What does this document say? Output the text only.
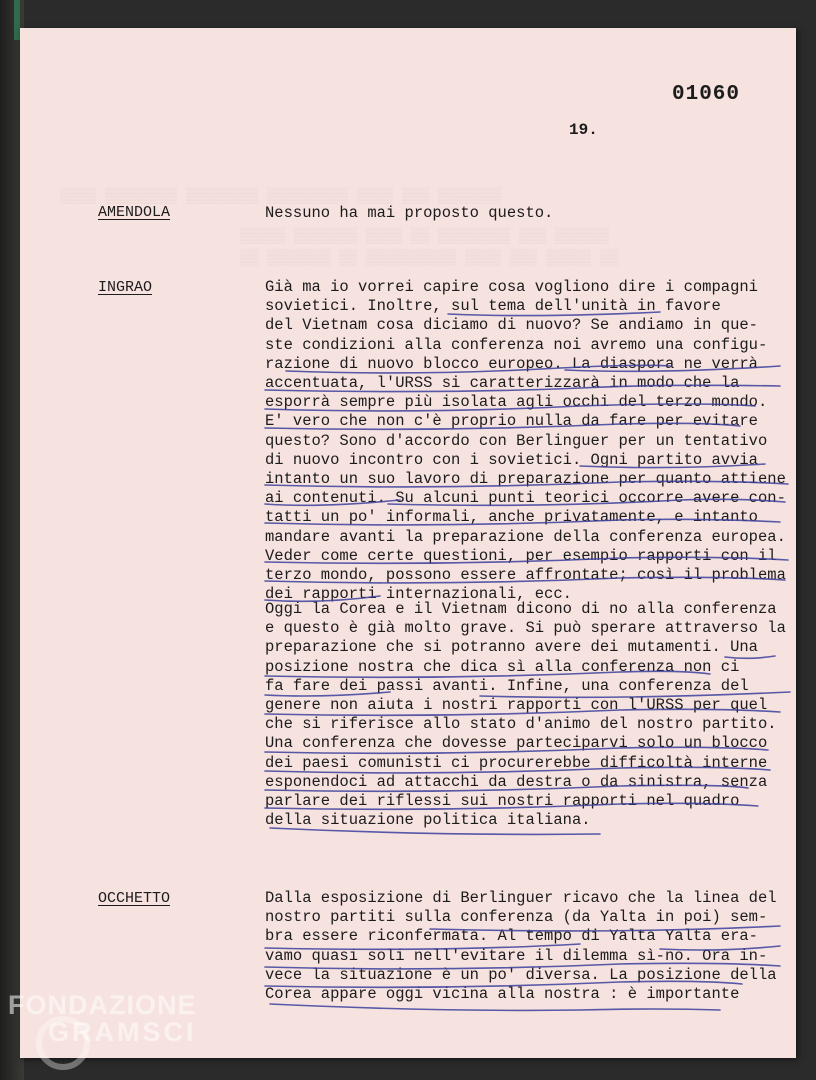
▒▒▒▒ ▒▒▒▒▒▒▒▒ ▒▒▒▒▒▒▒▒ ▒▒▒▒▒▒▒▒▒ ▒▒▒▒ ▒▒▒ ▒▒▒▒▒▒▒
▒▒▒▒▒ ▒▒▒▒▒▒▒ ▒▒▒▒ ▒▒ ▒▒▒▒▒▒▒▒ ▒▒▒ ▒▒▒▒▒▒
▒▒ ▒▒▒▒▒▒▒ ▒▒ ▒▒▒▒▒▒▒▒▒▒ ▒▒▒▒ ▒▒▒ ▒▒▒▒▒ ▒▒
01060
19.
AMENDOLA	Nessuno ha mai proposto questo.
INGRAO	Già ma io vorrei capire cosa vogliono dire i compagni
sovietici. Inoltre, sul tema dell'unità in favore
del Vietnam cosa diciamo di nuovo? Se andiamo in que-
ste condizioni alla conferenza noi avremo una configu-
razione di nuovo blocco europeo. La diaspora ne verrà
accentuata, l'URSS si caratterizzarà in modo che la
esporrà sempre più isolata agli occhi del terzo mondo.
E' vero che non c'è proprio nulla da fare per evitare
questo? Sono d'accordo con Berlinguer per un tentativo
di nuovo incontro con i sovietici. Ogni partito avvia
intanto un suo lavoro di preparazione per quanto attiene
ai contenuti. Su alcuni punti teorici occorre avere con-
tatti un po' informali, anche privatamente, e intanto
mandare avanti la preparazione della conferenza europea.
Veder come certe questioni, per esempio rapporti con il
terzo mondo, possono essere affrontate; così il problema
dei rapporti internazionali, ecc.
Oggi la Corea e il Vietnam dicono di no alla conferenza
e questo è già molto grave. Si può sperare attraverso la
preparazione che si potranno avere dei mutamenti. Una
posizione nostra che dica sì alla conferenza non ci
fa fare dei passi avanti. Infine, una conferenza del
genere non aiuta i nostri rapporti con l'URSS per quel
che si riferisce allo stato d'animo del nostro partito.
Una conferenza che dovesse parteciparvi solo un blocco
dei paesi comunisti ci procurerebbe difficoltà interne
esponendoci ad attacchi da destra o da sinistra, senza
parlare dei riflessi sui nostri rapporti nel quadro
della situazione politica italiana.
OCCHETTO	Dalla esposizione di Berlinguer ricavo che la linea del
nostro partiti sulla conferenza (da Yalta in poi) sem-
bra essere riconfermata. Al tempo di Yalta Yalta era-
vamo quasi soli nell'evitare il dilemma sì-no. Ora in-
vece la situazione è un po' diversa. La posizione della
Corea appare oggi vicina alla nostra : è importante
FONDAZIONE
GRAMSCI
